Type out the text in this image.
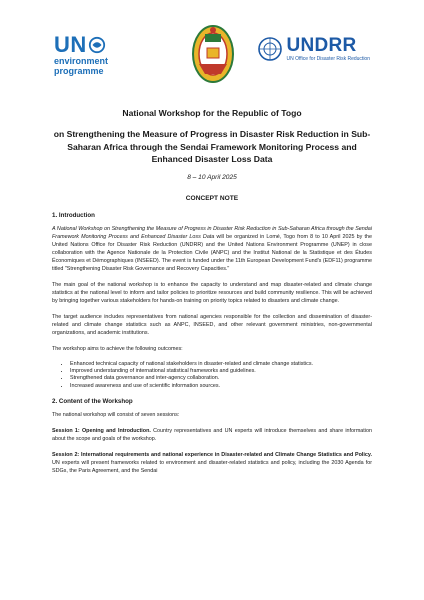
UN
environment
programme
UNDRR
UN Office for Disaster Risk Reduction
National Workshop for the Republic of Togo
on Strengthening the Measure of Progress in Disaster Risk Reduction in Sub-Saharan Africa through the Sendai Framework Monitoring Process and Enhanced Disaster Loss Data
8 – 10 April 2025
CONCEPT NOTE
1. Introduction

A National Workshop on Strengthening the Measure of Progress in Disaster Risk Reduction in Sub-Saharan Africa through the Sendai Framework Monitoring Process and Enhanced Disaster Loss Data will be organized in Lomé, Togo from 8 to 10 April 2025 by the United Nations Office for Disaster Risk Reduction (UNDRR) and the United Nations Environment Programme (UNEP) in close collaboration with the Agence Nationale de la Protection Civile (ANPC) and the Institut National de la Statistique et des Études Économiques et Démographiques (INSEED). The event is funded under the 11th European Development Fund's (EDF11) programme titled "Strengthening Disaster Risk Governance and Recovery Capacities."

The main goal of the national workshop is to enhance the capacity to understand and map disaster-related and climate change statistics at the national level to inform and tailor policies to prioritize resources and build community resilience. This will be achieved by bringing together various stakeholders for hands-on training on priority topics related to disasters and climate change.

The target audience includes representatives from national agencies responsible for the collection and dissemination of disaster-related and climate change statistics such as ANPC, INSEED, and other relevant government ministries, non-governmental organizations, and academic institutions.

The workshop aims to achieve the following outcomes:

• Enhanced technical capacity of national stakeholders in disaster-related and climate change statistics.
• Improved understanding of international statistical frameworks and guidelines.
• Strengthened data governance and inter-agency collaboration.
• Increased awareness and use of scientific information sources.
2. Content of the Workshop

The national workshop will consist of seven sessions:

Session 1: Opening and Introduction. Country representatives and UN experts will introduce themselves and share information about the scope and goals of the workshop.

Session 2: International requirements and national experience in Disaster-related and Climate Change Statistics and Policy. UN experts will present frameworks related to environment and disaster-related statistics and policy, including the 2030 Agenda for SDGs, the Paris Agreement, and the Sendai
